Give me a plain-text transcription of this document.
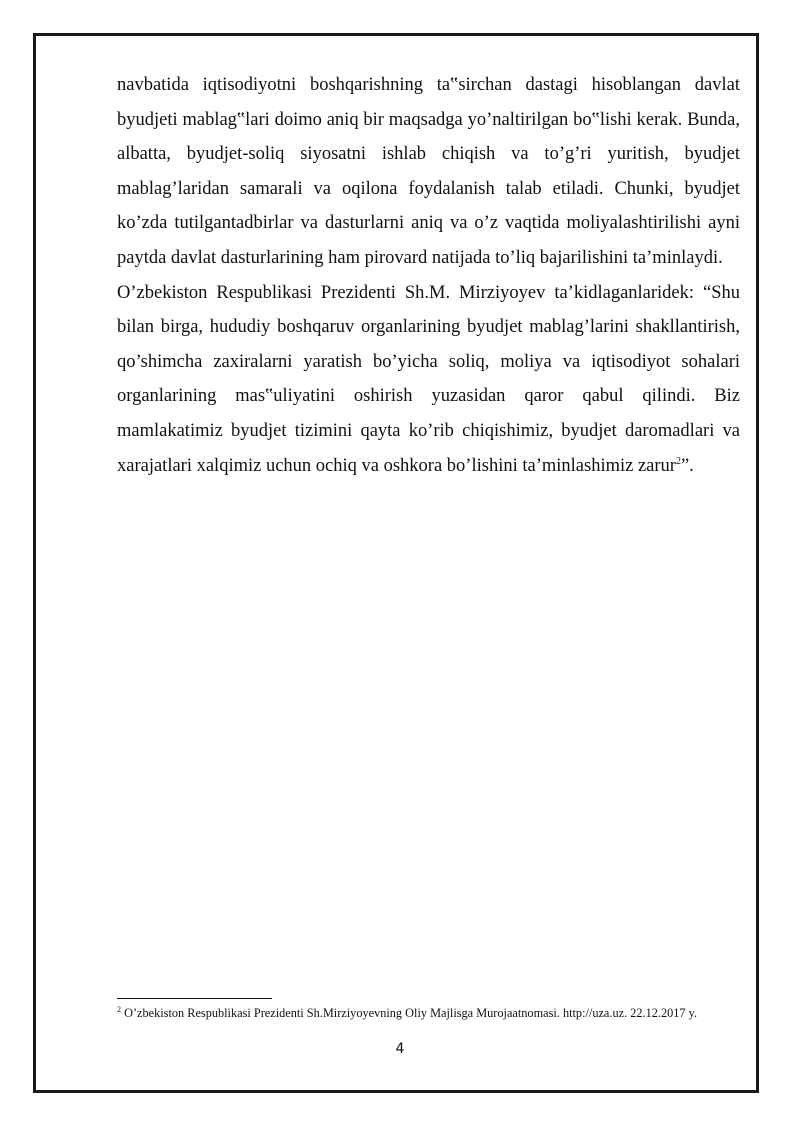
navbatida iqtisodiyotni boshqarishning ta‟sirchan dastagi hisoblangan davlat byudjeti mablag‟lari doimo aniq bir maqsadga yo’naltirilgan bo‟lishi kerak. Bunda, albatta, byudjet-soliq siyosatni ishlab chiqish va to’g’ri yuritish, byudjet mablag’laridan samarali va oqilona foydalanish talab etiladi. Chunki, byudjet ko’zda tutilgantadbirlar va dasturlarni aniq va o’z vaqtida moliyalashtirilishi ayni paytda davlat dasturlarining ham pirovard natijada to’liq bajarilishini ta’minlaydi.

O’zbekiston Respublikasi Prezidenti Sh.M. Mirziyoyev ta’kidlaganlaridek: “Shu bilan birga, hududiy boshqaruv organlarining byudjet mablag’larini shakllantirish, qo’shimcha zaxiralarni yaratish bo’yicha soliq, moliya va iqtisodiyot sohalari organlarining mas‟uliyatini oshirish yuzasidan qaror qabul qilindi. Biz mamlakatimiz byudjet tizimini qayta ko’rib chiqishimiz, byudjet daromadlari va xarajatlari xalqimiz uchun ochiq va oshkora bo’lishini ta’minlashimiz zarur$^2$”.

$^2$ O’zbekiston Respublikasi Prezidenti Sh.Mirziyoyevning Oliy Majlisga Murojaatnomasi. http://uza.uz. 22.12.2017 y.
4
